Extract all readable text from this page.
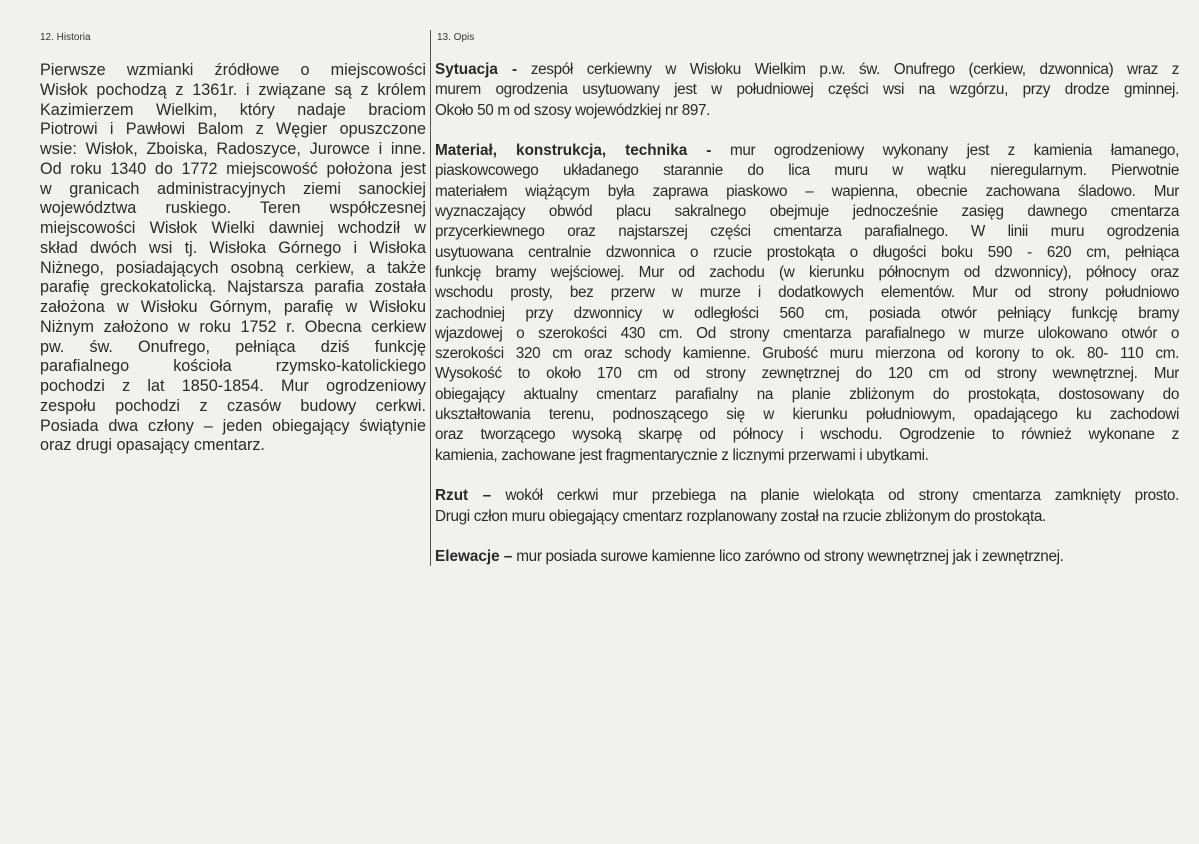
12. Historia	13. Opis
Pierwsze wzmianki źródłowe o miejscowości
Wisłok pochodzą z 1361r. i związane są z królem
Kazimierzem Wielkim, który nadaje braciom
Piotrowi i Pawłowi Balom z Węgier opuszczone
wsie: Wisłok, Zboiska, Radoszyce, Jurowce i inne.
Od roku 1340 do 1772 miejscowość położona jest
w granicach administracyjnych ziemi sanockiej
województwa ruskiego. Teren współczesnej
miejscowości Wisłok Wielki dawniej wchodził w
skład dwóch wsi tj. Wisłoka Górnego i Wisłoka
Niżnego, posiadających osobną cerkiew, a także
parafię greckokatolicką. Najstarsza parafia została
założona w Wisłoku Górnym, parafię w Wisłoku
Niżnym założono w roku 1752 r. Obecna cerkiew
pw. św. Onufrego, pełniąca dziś funkcję
parafialnego kościoła rzymsko-katolickiego
pochodzi z lat 1850-1854. Mur ogrodzeniowy
zespołu pochodzi z czasów budowy cerkwi.
Posiada dwa człony – jeden obiegający świątynie
oraz drugi opasający cmentarz.
Sytuacja - zespół cerkiewny w Wisłoku Wielkim p.w. św. Onufrego (cerkiew, dzwonnica) wraz z
murem ogrodzenia usytuowany jest w południowej części wsi na wzgórzu, przy drodze gminnej.
Około 50 m od szosy wojewódzkiej nr 897.
Materiał, konstrukcja, technika - mur ogrodzeniowy wykonany jest z kamienia łamanego,
piaskowcowego układanego starannie do lica muru w wątku nieregularnym. Pierwotnie
materiałem wiążącym była zaprawa piaskowo – wapienna, obecnie zachowana śladowo. Mur
wyznaczający obwód placu sakralnego obejmuje jednocześnie zasięg dawnego cmentarza
przycerkiewnego oraz najstarszej części cmentarza parafialnego. W linii muru ogrodzenia
usytuowana centralnie dzwonnica o rzucie prostokąta o długości boku 590 - 620 cm, pełniąca
funkcję bramy wejściowej. Mur od zachodu (w kierunku północnym od dzwonnicy), północy oraz
wschodu prosty, bez przerw w murze i dodatkowych elementów. Mur od strony południowo
zachodniej przy dzwonnicy w odległości 560 cm, posiada otwór pełniący funkcję bramy
wjazdowej o szerokości 430 cm. Od strony cmentarza parafialnego w murze ulokowano otwór o
szerokości 320 cm oraz schody kamienne. Grubość muru mierzona od korony to ok. 80- 110 cm.
Wysokość to około 170 cm od strony zewnętrznej do 120 cm od strony wewnętrznej. Mur
obiegający aktualny cmentarz parafialny na planie zbliżonym do prostokąta, dostosowany do
ukształtowania terenu, podnoszącego się w kierunku południowym, opadającego ku zachodowi
oraz tworzącego wysoką skarpę od północy i wschodu. Ogrodzenie to również wykonane z
kamienia, zachowane jest fragmentarycznie z licznymi przerwami i ubytkami.
Rzut – wokół cerkwi mur przebiega na planie wielokąta od strony cmentarza zamknięty prosto.
Drugi człon muru obiegający cmentarz rozplanowany został na rzucie zbliżonym do prostokąta.
Elewacje – mur posiada surowe kamienne lico zarówno od strony wewnętrznej jak i zewnętrznej.
